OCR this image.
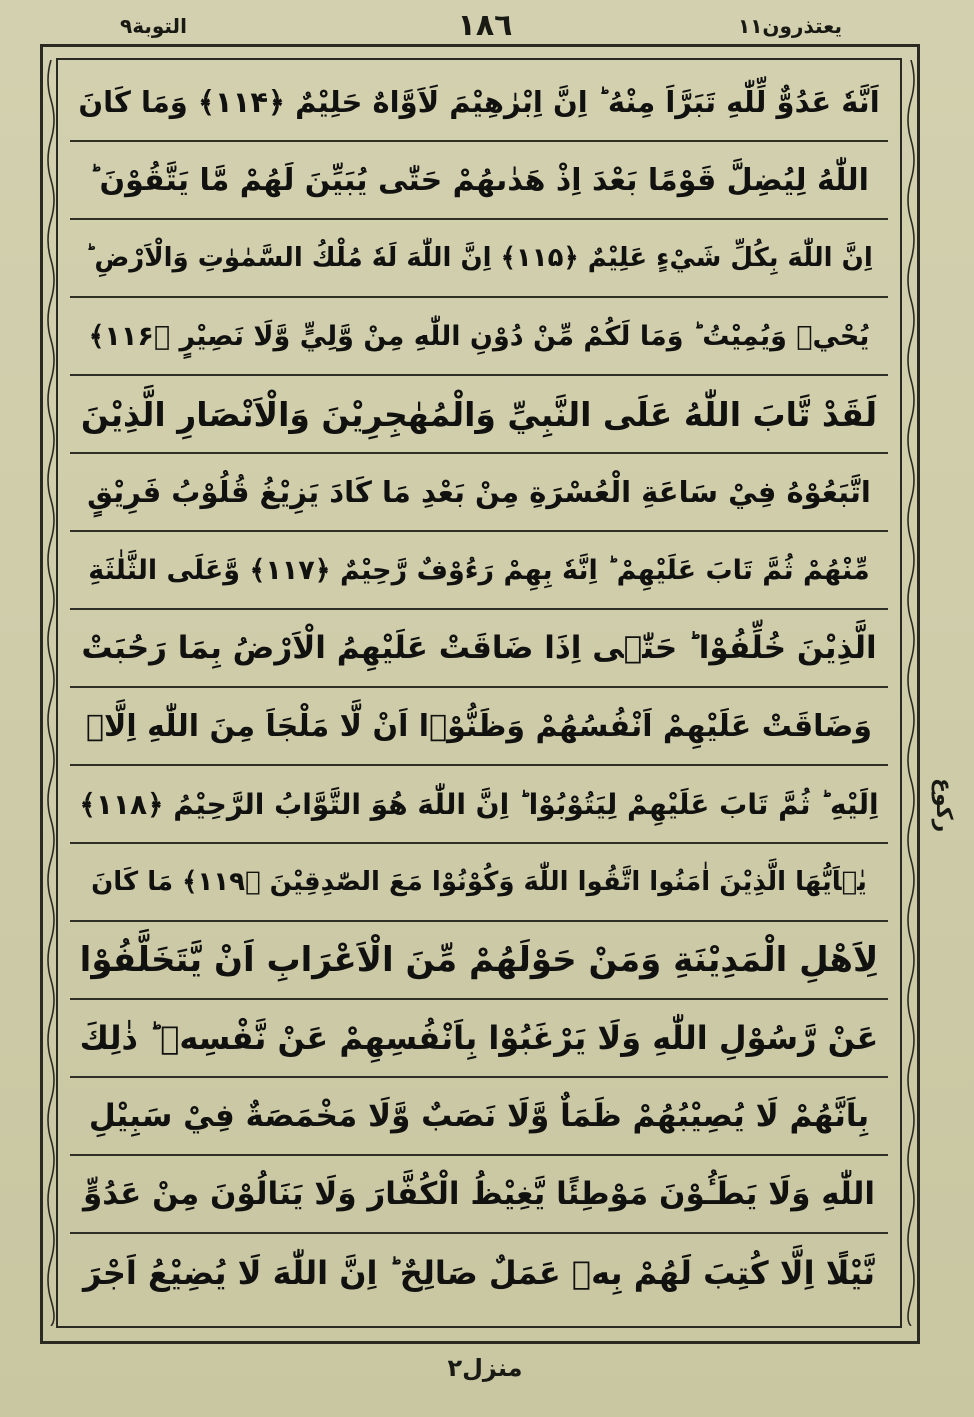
التوبة۹	۱۸٦	يعتذرون۱۱
اَنَّهٗ عَدُوٌّ لِّلّٰهِ تَبَرَّاَ مِنْهُ ؕ اِنَّ اِبْرٰهِيْمَ لَاَوَّاهٌ حَلِيْمٌ ﴿۱۱۴﴾ وَمَا كَانَ
اللّٰهُ لِيُضِلَّ قَوْمًا بَعْدَ اِذْ هَدٰىهُمْ حَتّٰى يُبَيِّنَ لَهُمْ مَّا يَتَّقُوْنَ ؕ
اِنَّ اللّٰهَ بِكُلِّ شَيْءٍ عَلِيْمٌ ﴿۱۱۵﴾ اِنَّ اللّٰهَ لَهٗ مُلْكُ السَّمٰوٰتِ وَالْاَرْضِ ؕ
يُحْيٖ وَيُمِيْتُ ؕ وَمَا لَكُمْ مِّنْ دُوْنِ اللّٰهِ مِنْ وَّلِيٍّ وَّلَا نَصِيْرٍ ﴿۱۱۶﴾
لَقَدْ تَّابَ اللّٰهُ عَلَى النَّبِيِّ وَالْمُهٰجِرِيْنَ وَالْاَنْصَارِ الَّذِيْنَ
اتَّبَعُوْهُ فِيْ سَاعَةِ الْعُسْرَةِ مِنْ بَعْدِ مَا كَادَ يَزِيْغُ قُلُوْبُ فَرِيْقٍ
مِّنْهُمْ ثُمَّ تَابَ عَلَيْهِمْ ؕ اِنَّهٗ بِهِمْ رَءُوْفٌ رَّحِيْمٌ ﴿۱۱۷﴾ وَّعَلَى الثَّلٰثَةِ
الَّذِيْنَ خُلِّفُوْا ؕ حَتّٰۤى اِذَا ضَاقَتْ عَلَيْهِمُ الْاَرْضُ بِمَا رَحُبَتْ
وَضَاقَتْ عَلَيْهِمْ اَنْفُسُهُمْ وَظَنُّوْۤا اَنْ لَّا مَلْجَاَ مِنَ اللّٰهِ اِلَّاۤ
اِلَيْهِ ؕ ثُمَّ تَابَ عَلَيْهِمْ لِيَتُوْبُوْا ؕ اِنَّ اللّٰهَ هُوَ التَّوَّابُ الرَّحِيْمُ ﴿۱۱۸﴾
يٰۤاَيُّهَا الَّذِيْنَ اٰمَنُوا اتَّقُوا اللّٰهَ وَكُوْنُوْا مَعَ الصّٰدِقِيْنَ ﴿۱۱۹﴾ مَا كَانَ
لِاَهْلِ الْمَدِيْنَةِ وَمَنْ حَوْلَهُمْ مِّنَ الْاَعْرَابِ اَنْ يَّتَخَلَّفُوْا
عَنْ رَّسُوْلِ اللّٰهِ وَلَا يَرْغَبُوْا بِاَنْفُسِهِمْ عَنْ نَّفْسِهٖ ؕ ذٰلِكَ
بِاَنَّهُمْ لَا يُصِيْبُهُمْ ظَمَاٌ وَّلَا نَصَبٌ وَّلَا مَخْمَصَةٌ فِيْ سَبِيْلِ
اللّٰهِ وَلَا يَطَـُٔوْنَ مَوْطِئًا يَّغِيْظُ الْكُفَّارَ وَلَا يَنَالُوْنَ مِنْ عَدُوٍّ
نَّيْلًا اِلَّا كُتِبَ لَهُمْ بِهٖ عَمَلٌ صَالِحٌ ؕ اِنَّ اللّٰهَ لَا يُضِيْعُ اَجْرَ
ركوع
منزل۲
